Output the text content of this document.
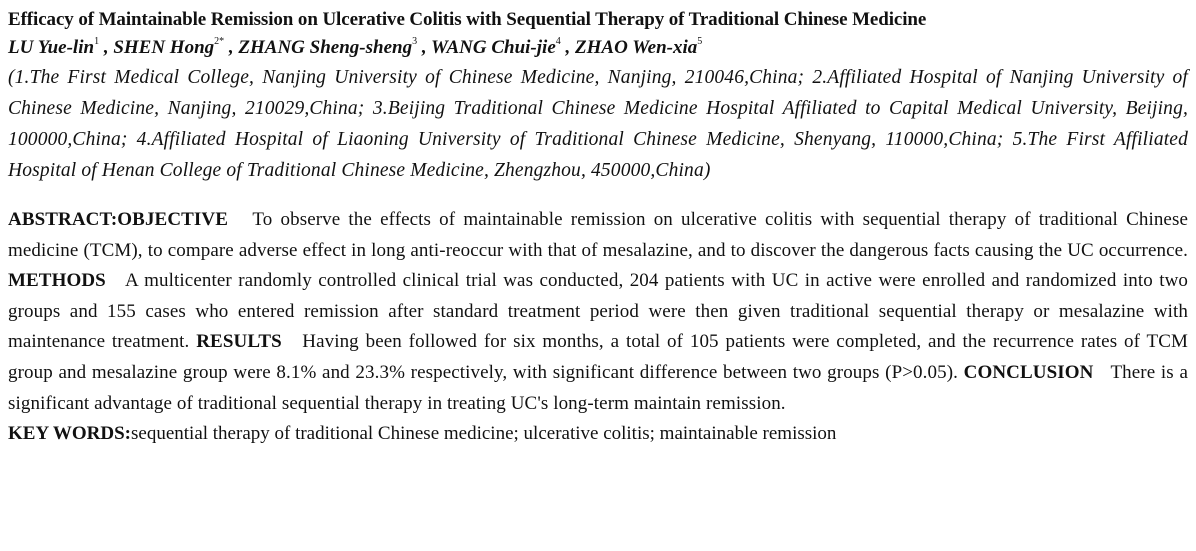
Efficacy of Maintainable Remission on Ulcerative Colitis with Sequential Therapy of Traditional Chinese Medicine
LU Yue-lin$^1$ , SHEN Hong$^{2*}$ , ZHANG Sheng-sheng$^3$ , WANG Chui-jie$^4$ , ZHAO Wen-xia$^5$
(1.The First Medical College, Nanjing University of Chinese Medicine, Nanjing, 210046,China; 2.Affiliated Hospital of Nanjing University of Chinese Medicine, Nanjing, 210029,China; 3.Beijing Traditional Chinese Medicine Hospital Affiliated to Capital Medical University, Beijing, 100000,China; 4.Affiliated Hospital of Liaoning University of Traditional Chinese Medicine, Shenyang, 110000,China; 5.The First Affiliated Hospital of Henan College of Traditional Chinese Medicine, Zhengzhou, 450000,China)
ABSTRACT:OBJECTIVE To observe the effects of maintainable remission on ulcerative colitis with sequential therapy of traditional Chinese medicine (TCM), to compare adverse effect in long anti-reoccur with that of mesalazine, and to discover the dangerous facts causing the UC occurrence. METHODS A multicenter randomly controlled clinical trial was conducted, 204 patients with UC in active were enrolled and randomized into two groups and 155 cases who entered remission after standard treatment period were then given traditional sequential therapy or mesalazine with maintenance treatment. RESULTS Having been followed for six months, a total of 105 patients were completed, and the recurrence rates of TCM group and mesalazine group were 8.1% and 23.3% respectively, with significant difference between two groups (P>0.05). CONCLUSION There is a significant advantage of traditional sequential therapy in treating UC's long-term maintain remission.
KEY WORDS:sequential therapy of traditional Chinese medicine; ulcerative colitis; maintainable remission
